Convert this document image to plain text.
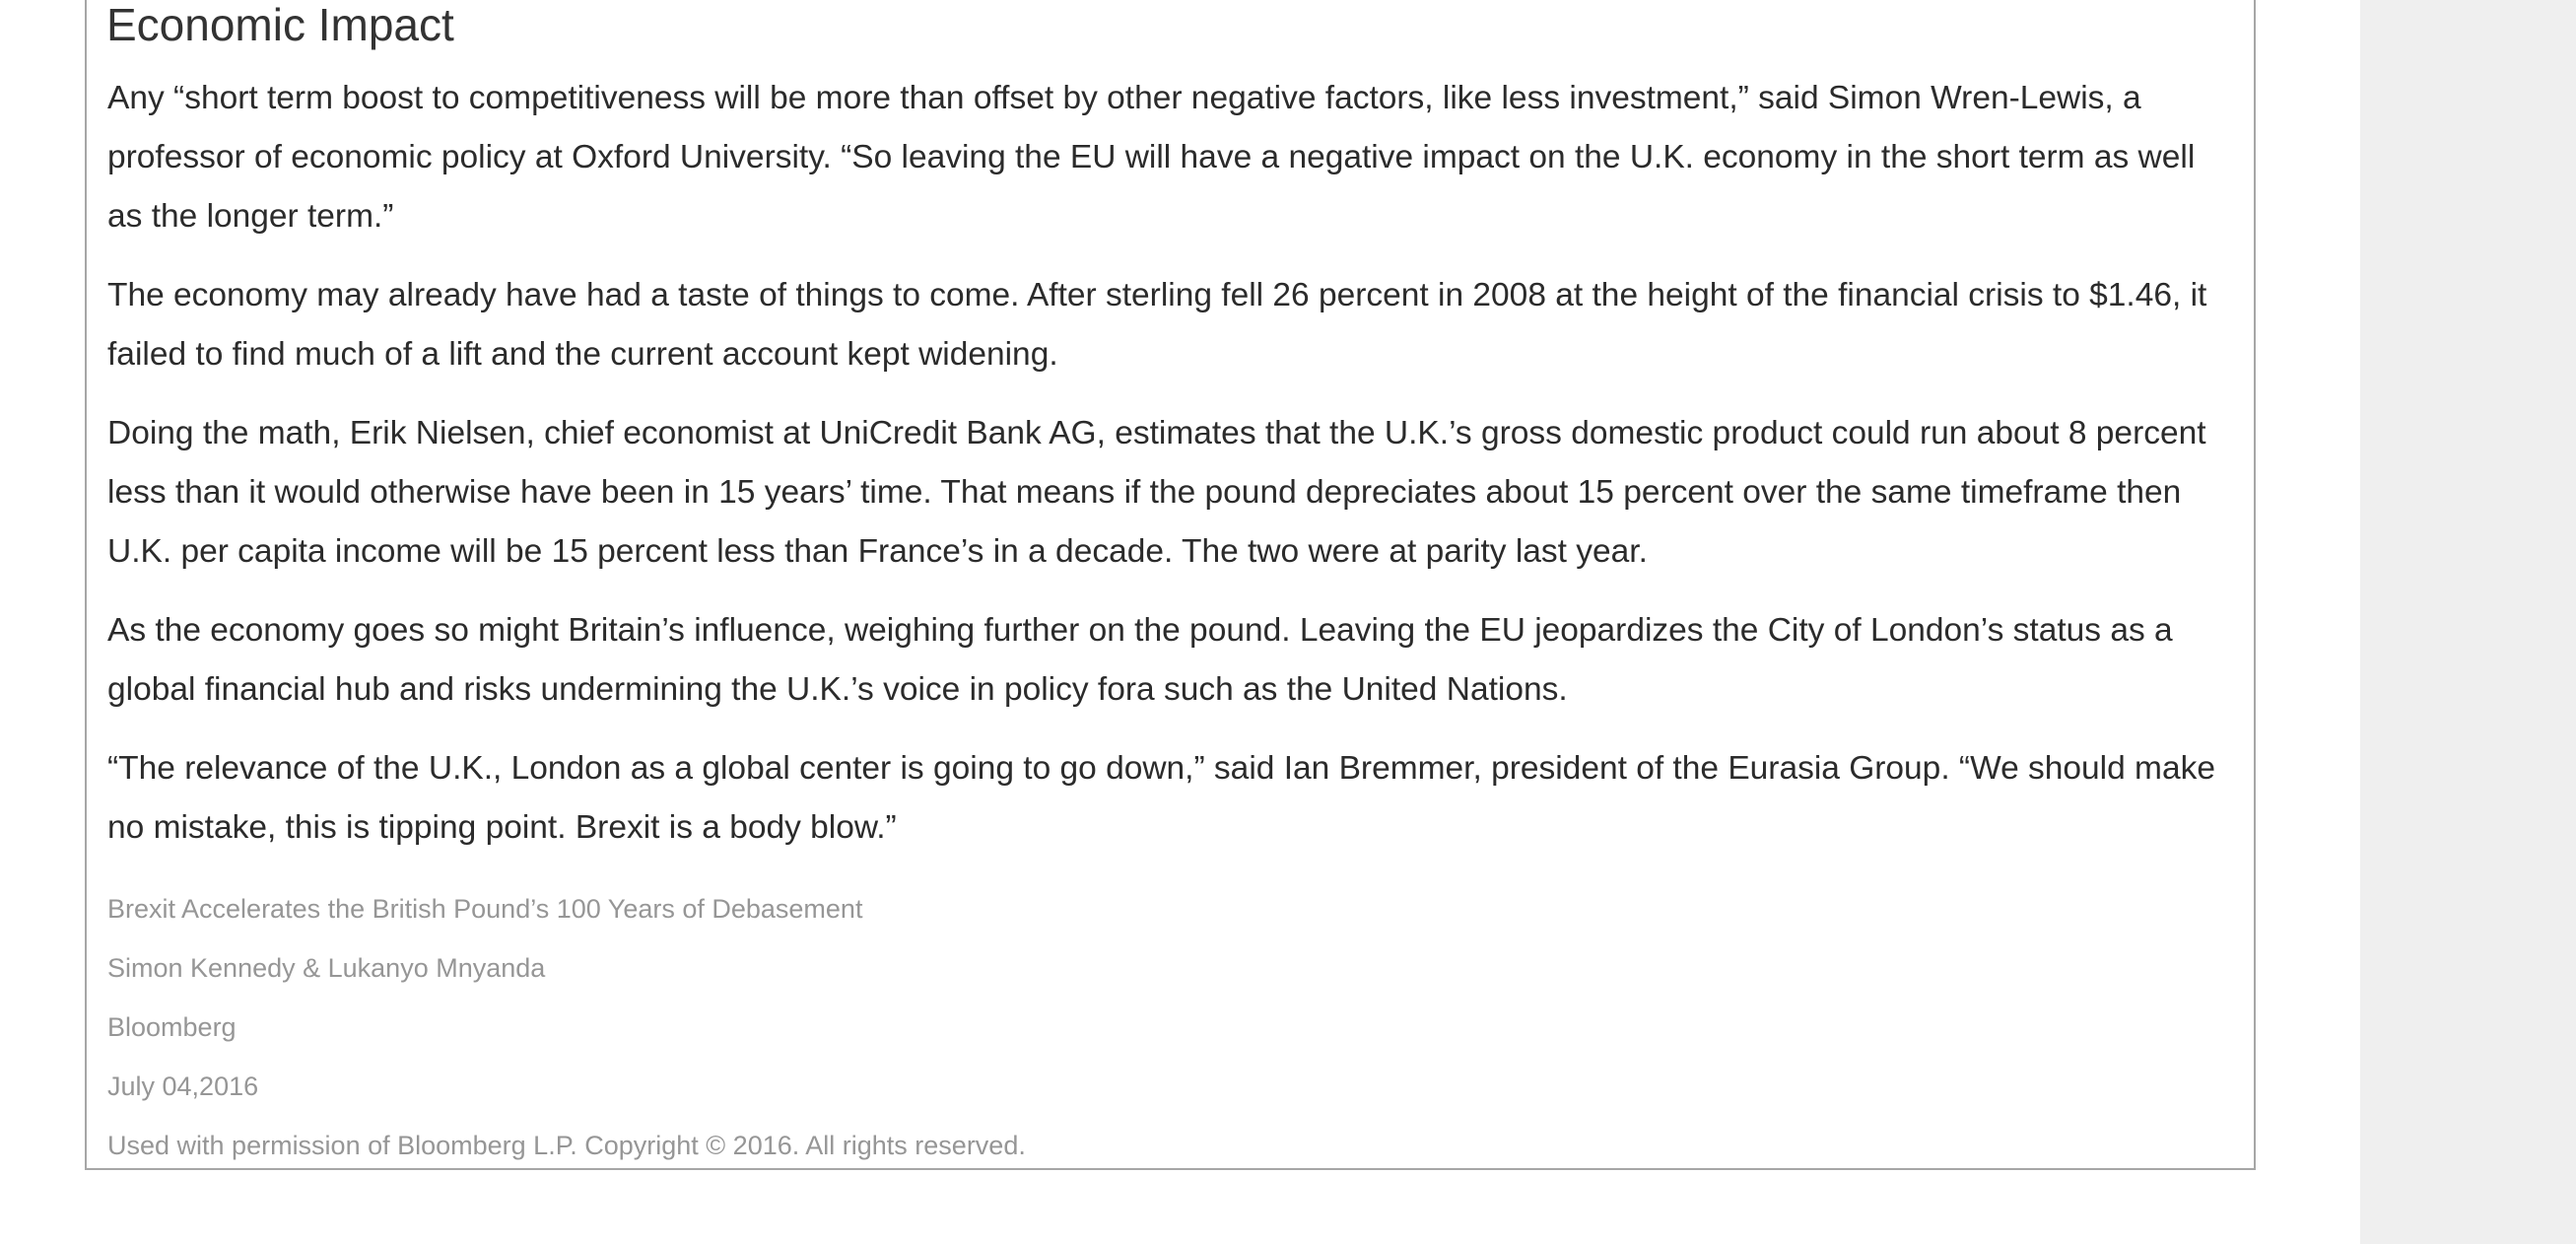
Economic Impact

Any “short term boost to competitiveness will be more than offset by other negative factors, like less investment,” said Simon Wren-Lewis, a professor of economic policy at Oxford University. “So leaving the EU will have a negative impact on the U.K. economy in the short term as well as the longer term.”

The economy may already have had a taste of things to come. After sterling fell 26 percent in 2008 at the height of the financial crisis to $1.46, it failed to find much of a lift and the current account kept widening.

Doing the math, Erik Nielsen, chief economist at UniCredit Bank AG, estimates that the U.K.’s gross domestic product could run about 8 percent less than it would otherwise have been in 15 years’ time. That means if the pound depreciates about 15 percent over the same timeframe then U.K. per capita income will be 15 percent less than France’s in a decade. The two were at parity last year.

As the economy goes so might Britain’s influence, weighing further on the pound. Leaving the EU jeopardizes the City of London’s status as a global financial hub and risks undermining the U.K.’s voice in policy fora such as the United Nations.

“The relevance of the U.K., London as a global center is going to go down,” said Ian Bremmer, president of the Eurasia Group. “We should make no mistake, this is tipping point. Brexit is a body blow.”

Brexit Accelerates the British Pound’s 100 Years of Debasement

Simon Kennedy & Lukanyo Mnyanda

Bloomberg

July 04,2016

Used with permission of Bloomberg L.P. Copyright © 2016. All rights reserved.
